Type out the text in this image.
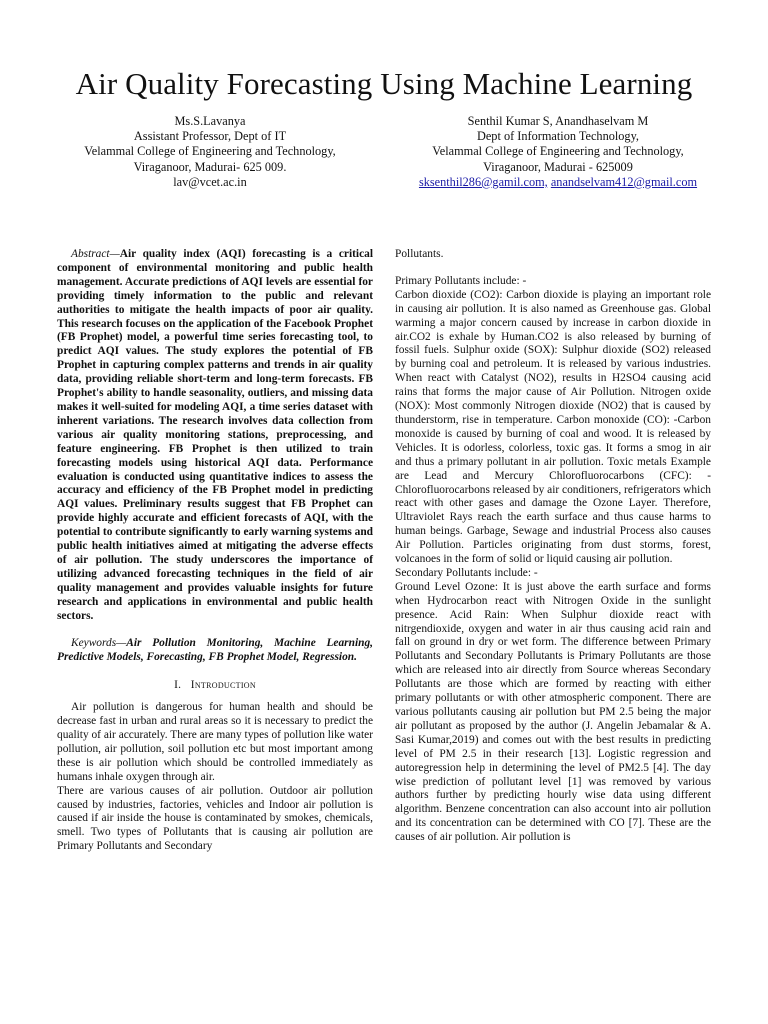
Air Quality Forecasting Using Machine Learning
Ms.S.Lavanya
Assistant Professor, Dept of IT
Velammal College of Engineering and Technology,
Viraganoor, Madurai- 625 009.
lav@vcet.ac.in
Senthil Kumar S, Anandhaselvam M
Dept of Information Technology,
Velammal College of Engineering and Technology,
Viraganoor, Madurai - 625009
sksenthil286@gamil.com, anandselvam412@gmail.com

Abstract—Air quality index (AQI) forecasting is a critical component of environmental monitoring and public health management. Accurate predictions of AQI levels are essential for providing timely information to the public and relevant authorities to mitigate the health impacts of poor air quality. This research focuses on the application of the Facebook Prophet (FB Prophet) model, a powerful time series forecasting tool, to predict AQI values. The study explores the potential of FB Prophet in capturing complex patterns and trends in air quality data, providing reliable short-term and long-term forecasts. FB Prophet's ability to handle seasonality, outliers, and missing data makes it well-suited for modeling AQI, a time series dataset with inherent variations. The research involves data collection from various air quality monitoring stations, preprocessing, and feature engineering. FB Prophet is then utilized to train forecasting models using historical AQI data. Performance evaluation is conducted using quantitative indices to assess the accuracy and efficiency of the FB Prophet model in predicting AQI values. Preliminary results suggest that FB Prophet can provide highly accurate and efficient forecasts of AQI, with the potential to contribute significantly to early warning systems and public health initiatives aimed at mitigating the adverse effects of air pollution. The study underscores the importance of utilizing advanced forecasting techniques in the field of air quality management and provides valuable insights for future research and applications in environmental and public health sectors.

Keywords—Air Pollution Monitoring, Machine Learning, Predictive Models, Forecasting, FB Prophet Model, Regression.

I. Introduction

Air pollution is dangerous for human health and should be decrease fast in urban and rural areas so it is necessary to predict the quality of air accurately. There are many types of pollution like water pollution, air pollution, soil pollution etc but most important among these is air pollution which should be controlled immediately as humans inhale oxygen through air.

There are various causes of air pollution. Outdoor air pollution caused by industries, factories, vehicles and Indoor air pollution is caused if air inside the house is contaminated by smokes, chemicals, smell. Two types of Pollutants that is causing air pollution are Primary Pollutants and Secondary

Pollutants.

Primary Pollutants include: -

Carbon dioxide (CO2): Carbon dioxide is playing an important role in causing air pollution. It is also named as Greenhouse gas. Global warming a major concern caused by increase in carbon dioxide in air.CO2 is exhale by Human.CO2 is also released by burning of fossil fuels. Sulphur oxide (SOX): Sulphur dioxide (SO2) released by burning coal and petroleum. It is released by various industries. When react with Catalyst (NO2), results in H2SO4 causing acid rains that forms the major cause of Air Pollution. Nitrogen oxide (NOX): Most commonly Nitrogen dioxide (NO2) that is caused by thunderstorm, rise in temperature. Carbon monoxide (CO): -Carbon monoxide is caused by burning of coal and wood. It is released by Vehicles. It is odorless, colorless, toxic gas. It forms a smog in air and thus a primary pollutant in air pollution. Toxic metals Example are Lead and Mercury Chlorofluorocarbons (CFC): -Chlorofluorocarbons released by air conditioners, refrigerators which react with other gases and damage the Ozone Layer. Therefore, Ultraviolet Rays reach the earth surface and thus cause harms to human beings. Garbage, Sewage and industrial Process also causes Air Pollution. Particles originating from dust storms, forest, volcanoes in the form of solid or liquid causing air pollution.

Secondary Pollutants include: -

Ground Level Ozone: It is just above the earth surface and forms when Hydrocarbon react with Nitrogen Oxide in the sunlight presence. Acid Rain: When Sulphur dioxide react with nitrgendioxide, oxygen and water in air thus causing acid rain and fall on ground in dry or wet form. The difference between Primary Pollutants and Secondary Pollutants is Primary Pollutants are those which are released into air directly from Source whereas Secondary Pollutants are those which are formed by reacting with either primary pollutants or with other atmospheric component. There are various pollutants causing air pollution but PM 2.5 being the major air pollutant as proposed by the author (J. Angelin Jebamalar & A. Sasi Kumar,2019) and comes out with the best results in predicting level of PM 2.5 in their research [13]. Logistic regression and autoregression help in determining the level of PM2.5 [4]. The day wise prediction of pollutant level [1] was removed by various authors further by predicting hourly wise data using different algorithm. Benzene concentration can also account into air pollution and its concentration can be determined with CO [7]. These are the causes of air pollution. Air pollution is
